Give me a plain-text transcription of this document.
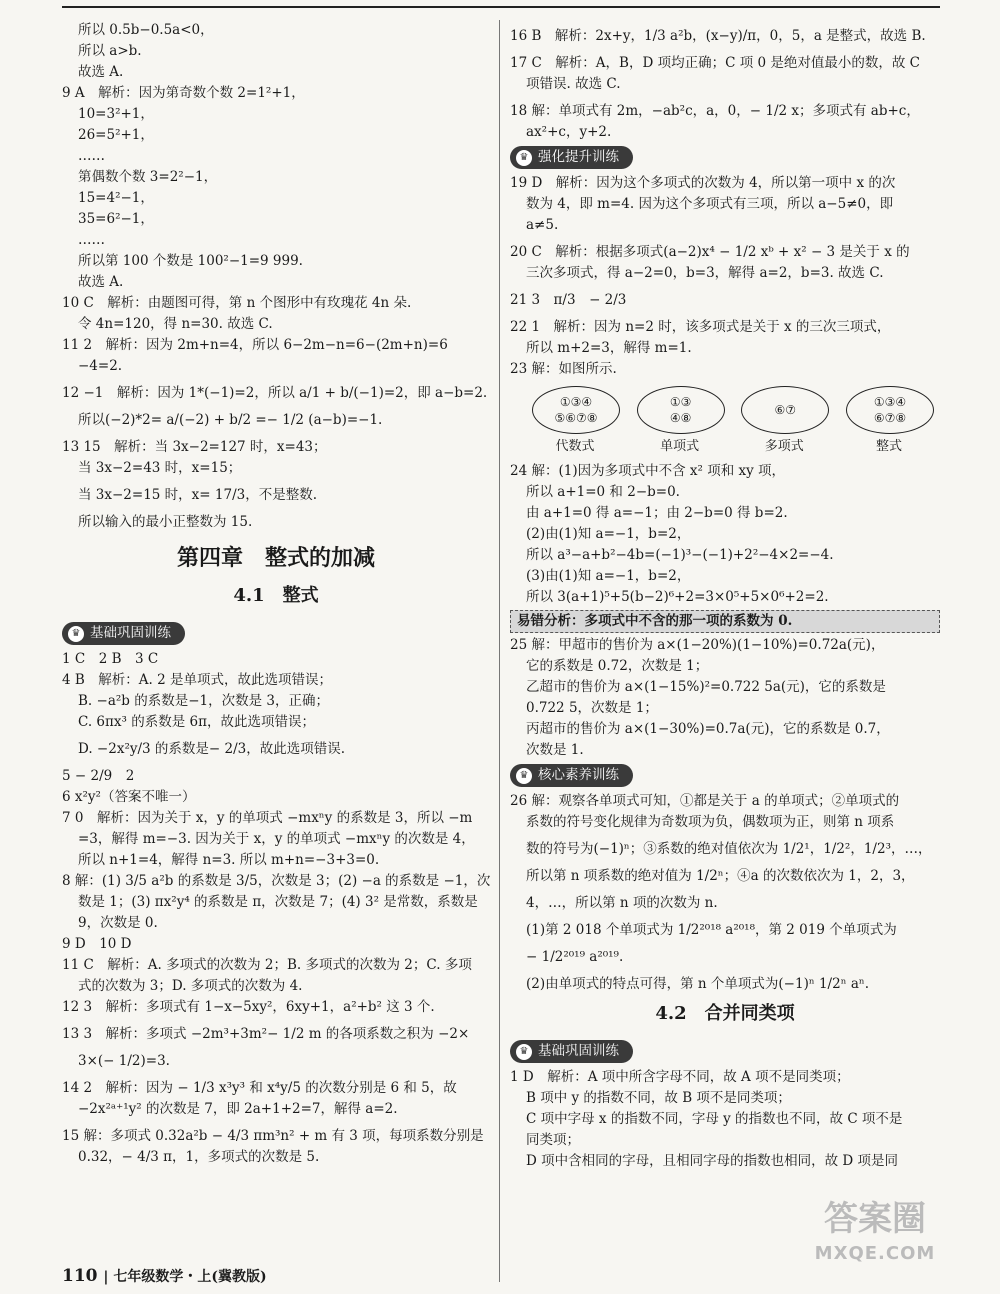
所以 0.5b−0.5a<0，
所以 a>b.
故选 A.
9 A　解析：因为第奇数个数 2=1²+1，
10=3²+1，
26=5²+1，
……
第偶数个数 3=2²−1，
15=4²−1，
35=6²−1，
……
所以第 100 个数是 100²−1=9 999.
故选 A.
10 C　解析：由题图可得，第 n 个图形中有玫瑰花 4n 朵.
令 4n=120，得 n=30. 故选 C.
11 2　解析：因为 2m+n=4，所以 6−2m−n=6−(2m+n)=6
−4=2.
12 −1　解析：因为 1*(−1)=2，所以 a/1 + b/(−1)=2，即 a−b=2.
所以(−2)*2= a/(−2) + b/2 =− 1/2 (a−b)=−1.
13 15　解析：当 3x−2=127 时，x=43；
当 3x−2=43 时，x=15；
当 3x−2=15 时，x= 17/3，不是整数.
所以输入的最小正整数为 15.
第四章　整式的加减
4.1　整式
♛ 基础巩固训练
1 C　2 B　3 C
4 B　解析：A. 2 是单项式，故此选项错误；
B. −a²b 的系数是−1，次数是 3，正确；
C. 6πx³ 的系数是 6π，故此选项错误；
D. −2x²y/3 的系数是− 2/3，故此选项错误.
5 − 2/9　2
6 x²y²（答案不唯一）
7 0　解析：因为关于 x，y 的单项式 −mxⁿy 的系数是 3，所以 −m
=3，解得 m=−3. 因为关于 x，y 的单项式 −mxⁿy 的次数是 4，
所以 n+1=4，解得 n=3. 所以 m+n=−3+3=0.
8 解：(1) 3/5 a²b 的系数是 3/5，次数是 3；(2) −a 的系数是 −1，次
数是 1；(3) πx²y⁴ 的系数是 π，次数是 7；(4) 3² 是常数，系数是
9，次数是 0.
9 D　10 D
11 C　解析：A. 多项式的次数为 2；B. 多项式的次数为 2；C. 多项
式的次数为 3；D. 多项式的次数为 4.
12 3　解析：多项式有 1−x−5xy²，6xy+1，a²+b² 这 3 个.
13 3　解析：多项式 −2m³+3m²− 1/2 m 的各项系数之积为 −2×
3×(− 1/2)=3.
14 2　解析：因为 − 1/3 x³y³ 和 x⁴y/5 的次数分别是 6 和 5，故
−2x²ᵃ⁺¹y² 的次数是 7，即 2a+1+2=7，解得 a=2.
15 解：多项式 0.32a²b − 4/3 πm³n² + m 有 3 项，每项系数分别是
0.32，− 4/3 π，1，多项式的次数是 5.
16 B　解析：2x+y，1/3 a²b，(x−y)/π，0，5，a 是整式，故选 B.
17 C　解析：A，B，D 项均正确；C 项 0 是绝对值最小的数，故 C
项错误. 故选 C.
18 解：单项式有 2m，−ab²c，a，0，− 1/2 x；多项式有 ab+c，
ax²+c，y+2.
♛ 强化提升训练
19 D　解析：因为这个多项式的次数为 4，所以第一项中 x 的次
数为 4，即 m=4. 因为这个多项式有三项，所以 a−5≠0，即
a≠5.
20 C　解析：根据多项式(a−2)x⁴ − 1/2 xᵇ + x² − 3 是关于 x 的
三次多项式，得 a−2=0，b=3，解得 a=2，b=3. 故选 C.
21 3　π/3　− 2/3
22 1　解析：因为 n=2 时，该多项式是关于 x 的三次三项式，
所以 m+2=3，解得 m=1.
23 解：如图所示.
①③④
⑤⑥⑦⑧
代数式
①③
④⑧
单项式
⑥⑦
多项式
①③④
⑥⑦⑧
整式
24 解：(1)因为多项式中不含 x² 项和 xy 项，
所以 a+1=0 和 2−b=0.
由 a+1=0 得 a=−1；由 2−b=0 得 b=2.
(2)由(1)知 a=−1，b=2，
所以 a³−a+b²−4b=(−1)³−(−1)+2²−4×2=−4.
(3)由(1)知 a=−1，b=2，
所以 3(a+1)⁵+5(b−2)⁶+2=3×0⁵+5×0⁶+2=2.
易错分析：多项式中不含的那一项的系数为 0.
25 解：甲超市的售价为 a×(1−20%)(1−10%)=0.72a(元)，
它的系数是 0.72，次数是 1；
乙超市的售价为 a×(1−15%)²=0.722 5a(元)，它的系数是
0.722 5，次数是 1；
丙超市的售价为 a×(1−30%)=0.7a(元)，它的系数是 0.7，
次数是 1.
♛ 核心素养训练
26 解：观察各单项式可知，①都是关于 a 的单项式；②单项式的
系数的符号变化规律为奇数项为负，偶数项为正，则第 n 项系
数的符号为(−1)ⁿ；③系数的绝对值依次为 1/2¹，1/2²，1/2³，…，
所以第 n 项系数的绝对值为 1/2ⁿ；④a 的次数依次为 1，2，3，
4，…，所以第 n 项的次数为 n.
(1)第 2 018 个单项式为 1/2²⁰¹⁸ a²⁰¹⁸，第 2 019 个单项式为
− 1/2²⁰¹⁹ a²⁰¹⁹.
(2)由单项式的特点可得，第 n 个单项式为(−1)ⁿ 1/2ⁿ aⁿ.
4.2　合并同类项
♛ 基础巩固训练
1 D　解析：A 项中所含字母不同，故 A 项不是同类项；
B 项中 y 的指数不同，故 B 项不是同类项；
C 项中字母 x 的指数不同，字母 y 的指数也不同，故 C 项不是
同类项；
D 项中含相同的字母，且相同字母的指数也相同，故 D 项是同
110 | 七年级数学・上(冀教版)
答案圈
MXQE.COM
